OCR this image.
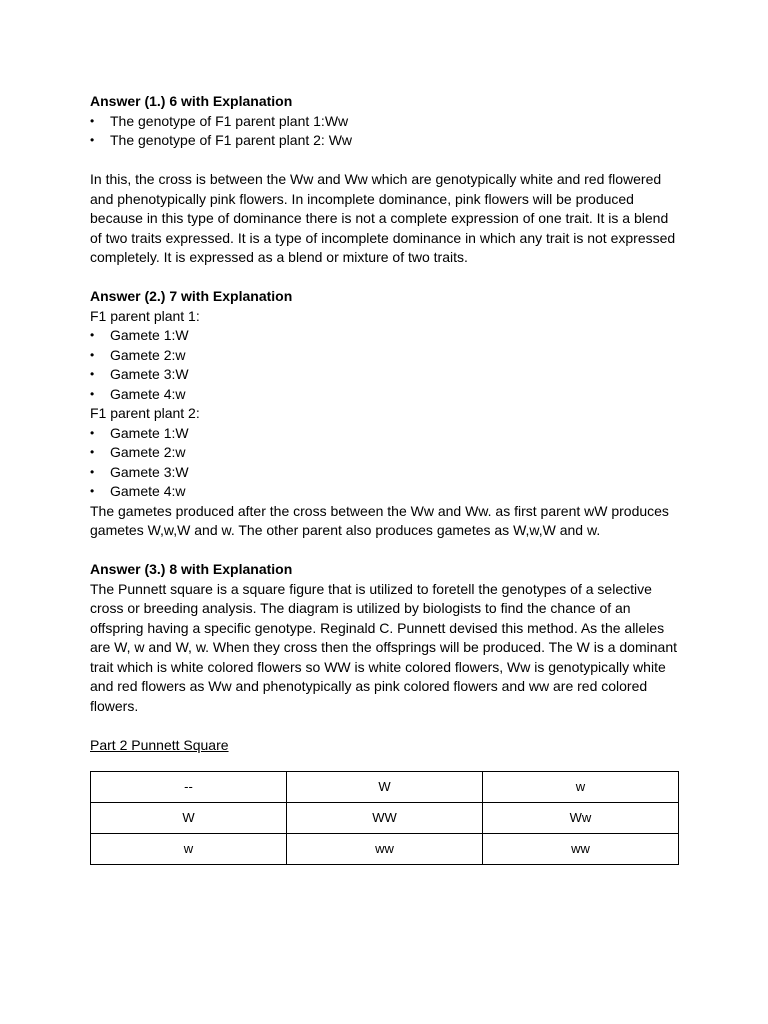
Answer (1.) 6 with Explanation

•	The genotype of F1 parent plant 1:Ww
•	The genotype of F1 parent plant 2: Ww

In this, the cross is between the Ww and Ww which are genotypically white and red flowered and phenotypically pink flowers. In incomplete dominance, pink flowers will be produced because in this type of dominance there is not a complete expression of one trait. It is a blend of two traits expressed. It is a type of incomplete dominance in which any trait is not expressed completely. It is expressed as a blend or mixture of two traits.

Answer (2.) 7 with Explanation

F1 parent plant 1:

•	Gamete 1:W
•	Gamete 2:w
•	Gamete 3:W
•	Gamete 4:w

F1 parent plant 2:

•	Gamete 1:W
•	Gamete 2:w
•	Gamete 3:W
•	Gamete 4:w

The gametes produced after the cross between the Ww and Ww. as first parent wW produces gametes W,w,W and w. The other parent also produces gametes as W,w,W and w.

Answer (3.) 8 with Explanation

The Punnett square is a square figure that is utilized to foretell the genotypes of a selective cross or breeding analysis. The diagram is utilized by biologists to find the chance of an offspring having a specific genotype. Reginald C. Punnett devised this method. As the alleles are W, w and W, w. When they cross then the offsprings will be produced. The W is a dominant trait which is white colored flowers so WW is white colored flowers, Ww is genotypically white and red flowers as Ww and phenotypically as pink colored flowers and ww are red colored flowers.

Part 2 Punnett Square

--	W	w
W	WW	Ww
w	ww	ww
